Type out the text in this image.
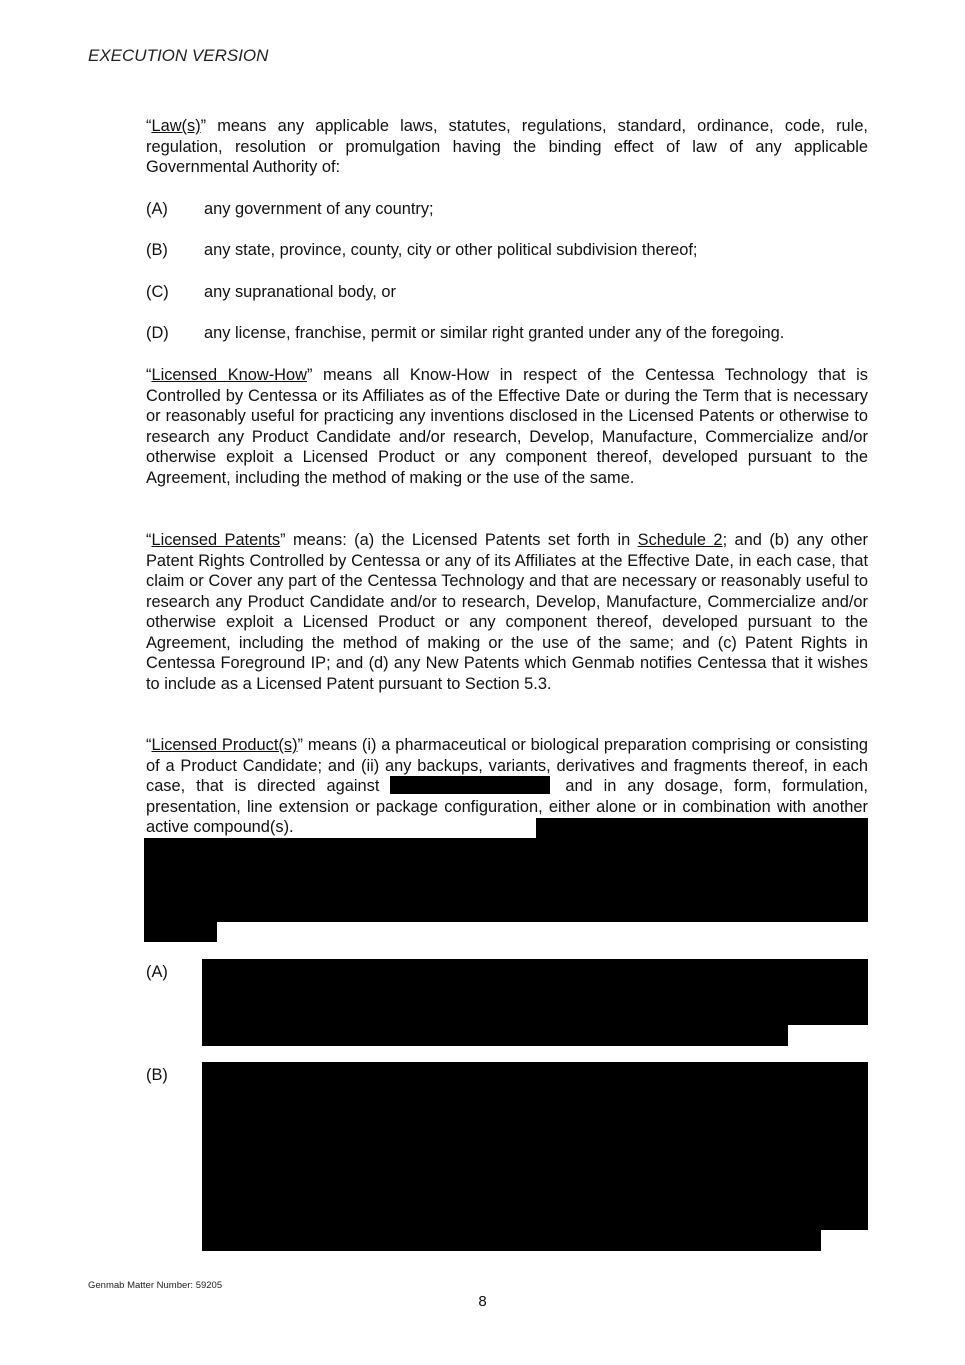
EXECUTION VERSION

“Law(s)” means any applicable laws, statutes, regulations, standard, ordinance, code, rule, regulation, resolution or promulgation having the binding effect of law of any applicable Governmental Authority of:

(A) any government of any country;
(B) any state, province, county, city or other political subdivision thereof;
(C) any supranational body, or
(D) any license, franchise, permit or similar right granted under any of the foregoing.

“Licensed Know-How” means all Know-How in respect of the Centessa Technology that is Controlled by Centessa or its Affiliates as of the Effective Date or during the Term that is necessary or reasonably useful for practicing any inventions disclosed in the Licensed Patents or otherwise to research any Product Candidate and/or research, Develop, Manufacture, Commercialize and/or otherwise exploit a Licensed Product or any component thereof, developed pursuant to the Agreement, including the method of making or the use of the same.

“Licensed Patents” means: (a) the Licensed Patents set forth in Schedule 2; and (b) any other Patent Rights Controlled by Centessa or any of its Affiliates at the Effective Date, in each case, that claim or Cover any part of the Centessa Technology and that are necessary or reasonably useful to research any Product Candidate and/or to research, Develop, Manufacture, Commercialize and/or otherwise exploit a Licensed Product or any component thereof, developed pursuant to the Agreement, including the method of making or the use of the same; and (c) Patent Rights in Centessa Foreground IP; and (d) any New Patents which Genmab notifies Centessa that it wishes to include as a Licensed Patent pursuant to Section 5.3.

“Licensed Product(s)” means (i) a pharmaceutical or biological preparation comprising or consisting of a Product Candidate; and (ii) any backups, variants, derivatives and fragments thereof, in each case, that is directed against	and in any dosage, form, formulation, presentation, line extension or package configuration, either alone or in combination with another active compound(s).

(A)
(B)
Genmab Matter Number: 59205
8
